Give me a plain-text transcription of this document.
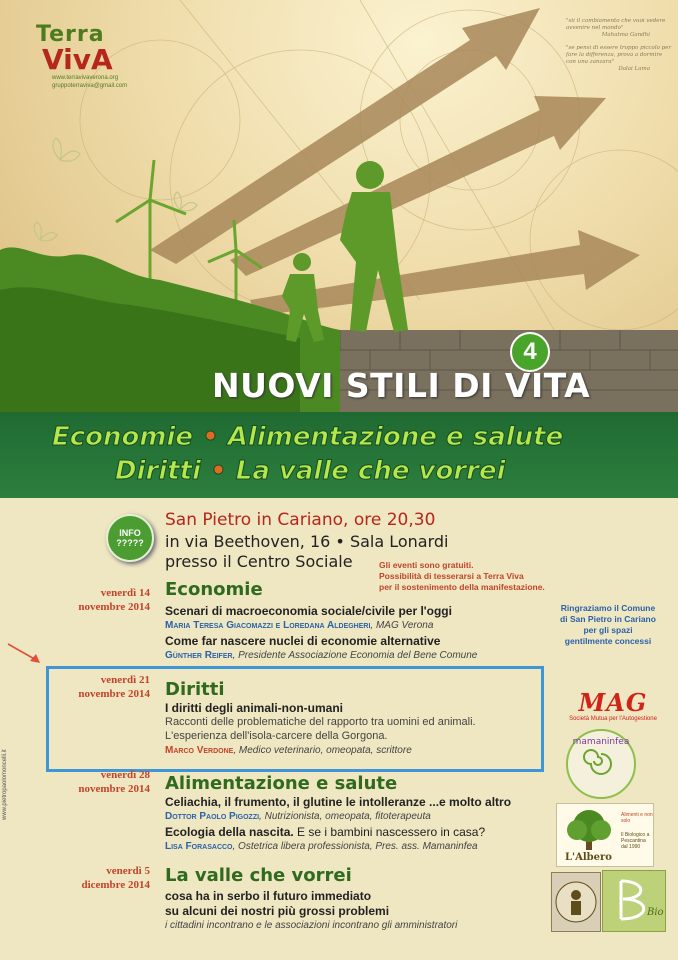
Terra
VivA
www.terravivaverona.org
gruppoterraviva@gmail.com
"sii il cambiamento che vuoi vedere avvenire nel mondo"
Mahatma Gandhi
"se pensi di essere troppo piccolo per fare la differenza, prova a dormire con una zanzara"
Dalai Lama
4
NUOVI STILI DI VITA
Economie • Alimentazione e salute
Diritti • La valle che vorrei
INFO
?????
San Pietro in Cariano, ore 20,30
in via Beethoven, 16 • Sala Lonardi
presso il Centro Sociale	Gli eventi sono gratuiti.
Possibilità di tesserarsi a Terra Viva
per il sostenimento della manifestazione.
venerdì 14
novembre 2014
Economie
Scenari di macroeconomia sociale/civile per l'oggi
Maria Teresa Giacomazzi e Loredana Aldegheri, MAG Verona
Come far nascere nuclei di economie alternative
Günther Reifer, Presidente Associazione Economia del Bene Comune
venerdì 21
novembre 2014 Diritti
I diritti degli animali-non-umani
Racconti delle problematiche del rapporto tra uomini ed animali.
L'esperienza dell'isola-carcere della Gorgona.
Marco Verdone, Medico veterinario, omeopata, scrittore
venerdì 28
novembre 2014 Alimentazione e salute
Celiachia, il frumento, il glutine le intolleranze ...e molto altro
Dottor Paolo Pigozzi, Nutrizionista, omeopata, fitoterapeuta
Ecologia della nascita. E se i bambini nascessero in casa?
Lisa Forasacco, Ostetrica libera professionista, Pres. ass. Mamaninfea
venerdì 5
dicembre 2014 La valle che vorrei
cosa ha in serbo il futuro immediato
su alcuni dei nostri più grossi problemi
i cittadini incontrano e le associazioni incontrano gli amministratori
Ringraziamo il Comune
di San Pietro in Cariano
per gli spazi
gentilmente concessi
MAG
Società Mutua per l'Autogestione
mamaninfea
L'Albero
Alimenti e non solo
Il Biologico a Pescantina dal 1990
Bio
www.pietropaolomoncelli.it
